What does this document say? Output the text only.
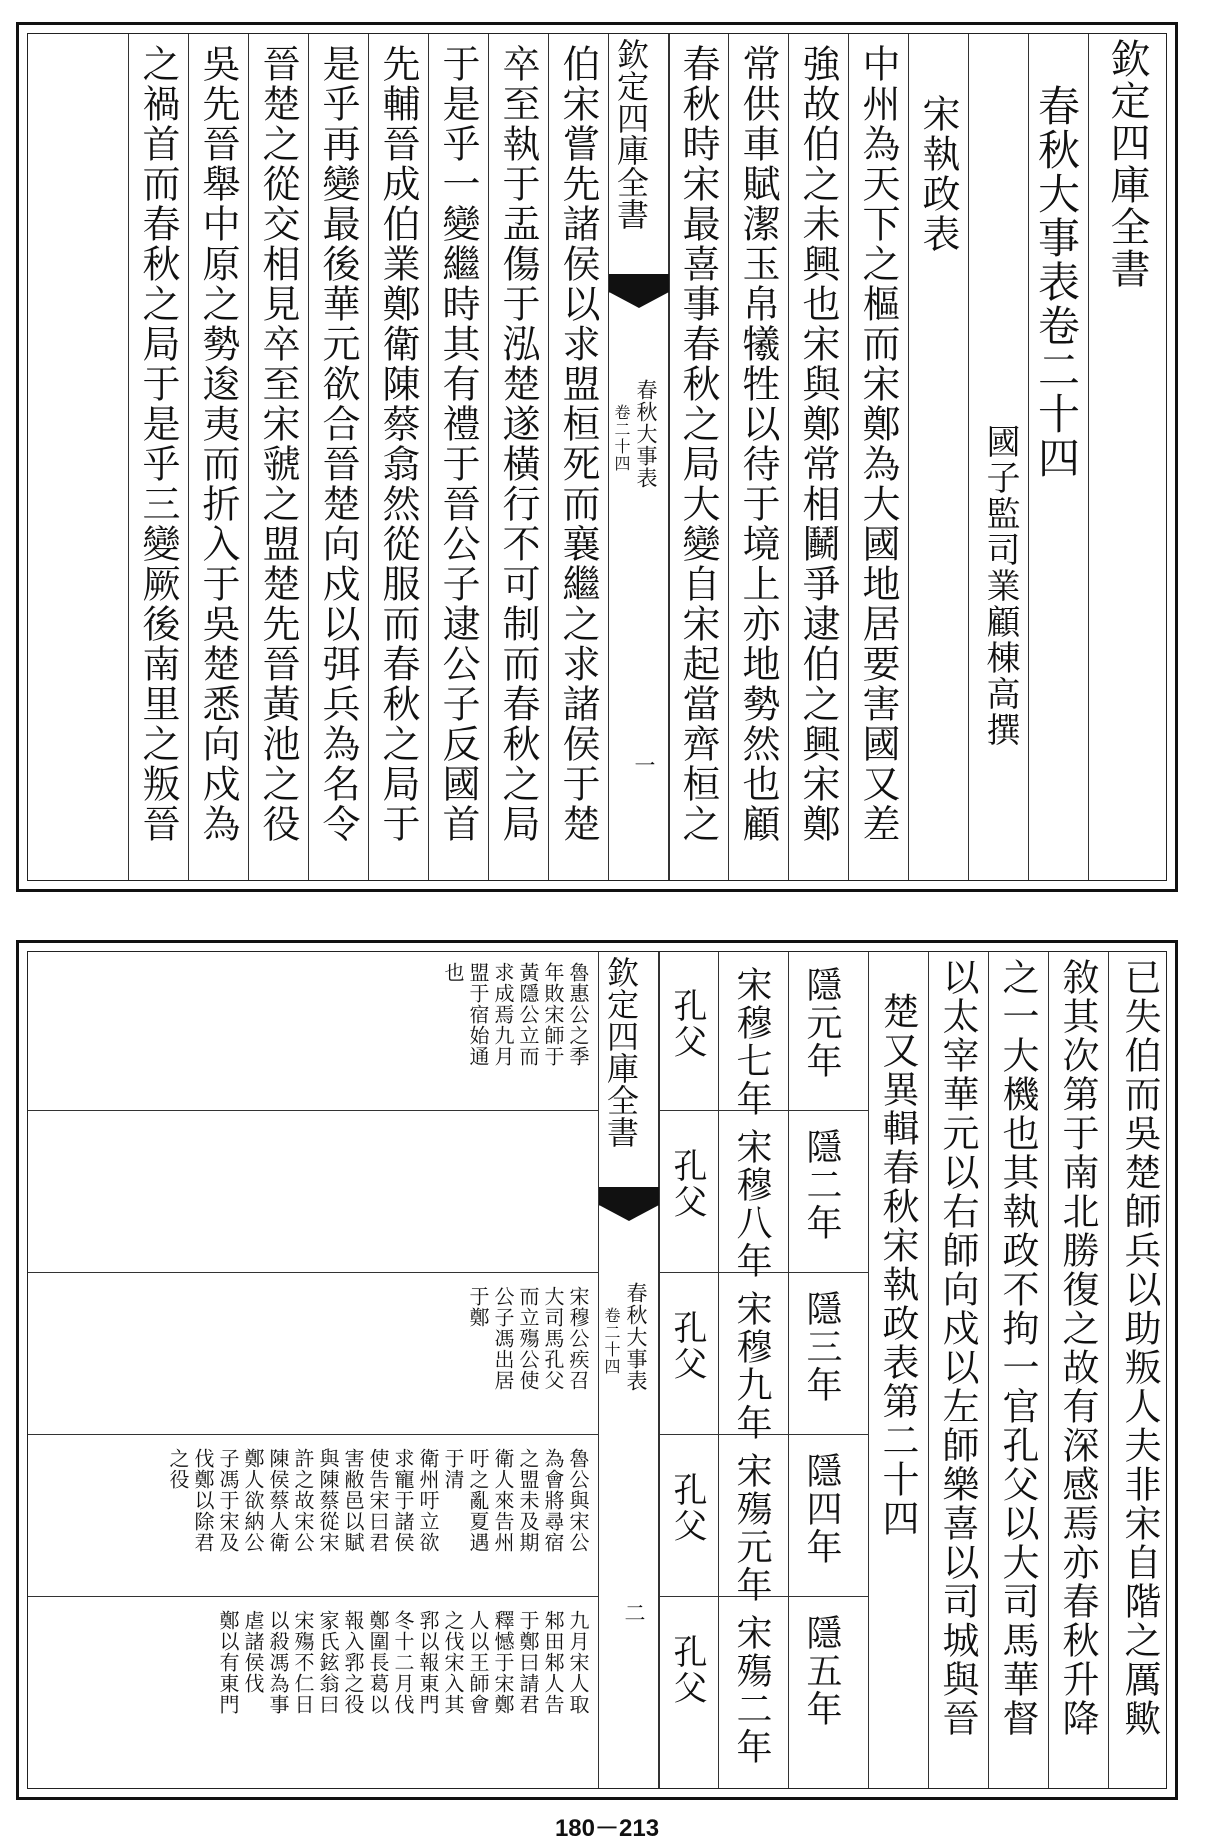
欽定四庫全書
春秋大事表卷二十四
國子監司業顧棟高撰
宋執政表
中州為天下之樞而宋鄭為大國地居要害國又差
強故伯之未興也宋與鄭常相鬭爭逮伯之興宋鄭
常供車賦潔玉帛犧牲以待于境上亦地勢然也顧
春秋時宋最喜事春秋之局大變自宋起當齊桓之
欽定四庫全書
春秋大事表
卷二十四
一
伯宋嘗先諸侯以求盟桓死而襄繼之求諸侯于楚
卒至執于盂傷于泓楚遂橫行不可制而春秋之局
于是乎一變繼時其有禮于晉公子逮公子反國首
先輔晉成伯業鄭衛陳蔡翕然從服而春秋之局于
是乎再變最後華元欲合晉楚向戍以弭兵為名令
晉楚之從交相見卒至宋虢之盟楚先晉黃池之役
吳先晉舉中原之勢逡夷而折入于吳楚悉向戍為
之禍首而春秋之局于是乎三變厥後南里之叛晉
已失伯而吳楚師兵以助叛人夫非宋自階之厲歟
敘其次第于南北勝復之故有深感焉亦春秋升降
之一大機也其執政不拘一官孔父以大司馬華督
以太宰華元以右師向戍以左師樂喜以司城與晉
楚又異輯春秋宋執政表第二十四
欽定四庫全書
春秋大事表
卷二十四
二
隱元年
宋穆七年
孔父
隱二年
宋穆八年
孔父
隱三年
宋穆九年
孔父
隱四年
宋殤元年
孔父
隱五年
宋殤二年
孔父
魯惠公之季
年敗宋師于
黃隱公立而
求成焉九月
盟于宿始通
也
宋穆公疾召
大司馬孔父
而立殤公使
公子馮出居
于鄭
魯公與宋公
為會將尋宿
之盟未及期
衛人來告州
吁之亂夏遇
于清
衛州吁立欲
求寵于諸侯
使告宋曰君
害敝邑以賦
與陳蔡從宋
許之故宋公
陳侯蔡人衛
鄭人欲納公
子馮于宋及
伐鄭以除君
之役
九月宋人取
邾田邾人告
于鄭曰請君
釋憾于宋鄭
人以王師會
之伐宋入其
郛以報東門
冬十二月伐
鄭圍長葛以
報入郛之役
家氏鉉翁曰
宋殤不仁日
以殺馮為事
虐諸侯伐
鄭以有東門
180－213
